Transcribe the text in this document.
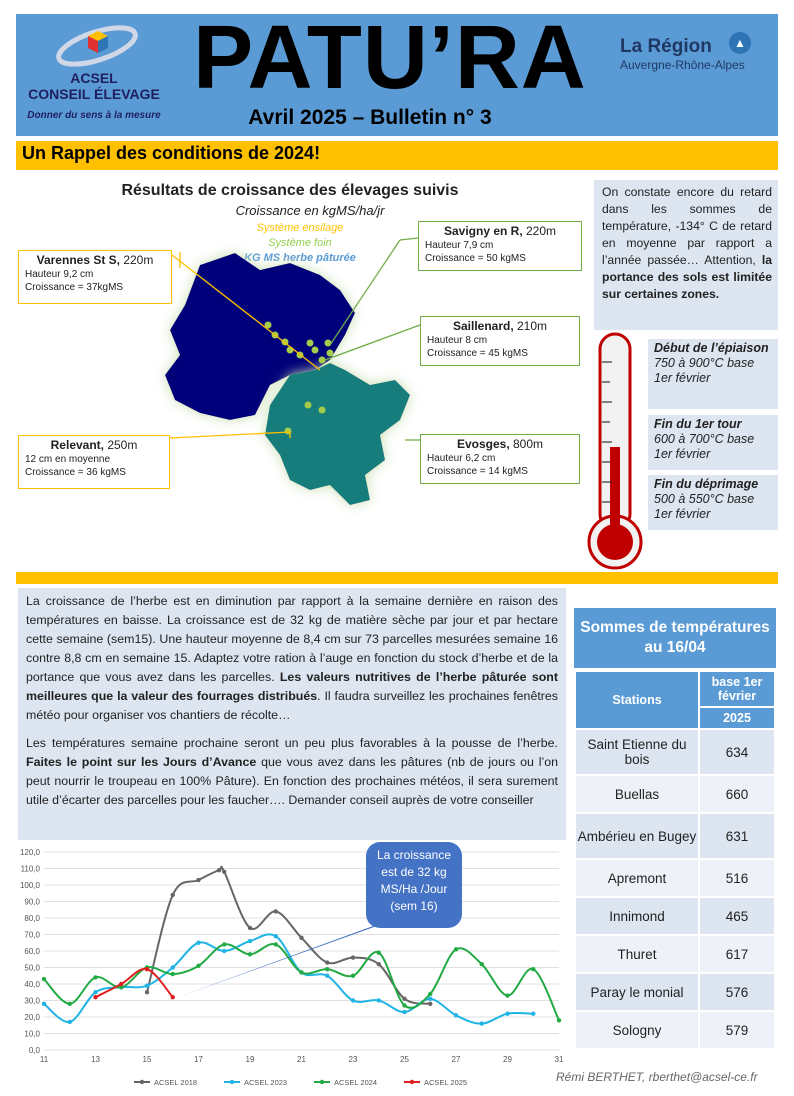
ACSEL
CONSEIL ÉLEVAGE
Donner du sens à la mesure
PATU’RA
Avril 2025 – Bulletin n° 3
La Région	▲
Auvergne-Rhône-Alpes
Un Rappel des conditions de 2024!
Résultats de croissance des élevages suivis
Croissance en kgMS/ha/jr
Système ensilage
Système foin
KG MS herbe pâturée
Varennes St S, 220m
Hauteur 9,2 cm
Croissance = 37kgMS
Relevant, 250m
12 cm en moyenne
Croissance = 36 kgMS
Savigny en R, 220m
Hauteur 7,9 cm
Croissance = 50 kgMS
Saillenard, 210m
Hauteur 8 cm
Croissance = 45 kgMS
Evosges, 800m
Hauteur 6,2 cm
Croissance = 14 kgMS
On constate encore du retard dans les sommes de température, -134° C de retard en moyenne par rapport a l’année passée… Attention, la portance des sols est limitée sur certaines zones.
Début de l’épiaison
750 à 900°C base
1er février
Fin du 1er tour
600 à 700°C base
1er février
Fin du déprimage
500 à 550°C base
1er février

La croissance de l’herbe est en diminution par rapport à la semaine dernière en raison des températures en baisse. La croissance est de 32 kg de matière sèche par jour et par hectare cette semaine (sem15). Une hauteur moyenne de 8,4 cm sur 73 parcelles mesurées semaine 16 contre 8,8 cm en semaine 15. Adaptez votre ration à l’auge en fonction du stock d’herbe et de la portance que vous avez dans les parcelles. Les valeurs nutritives de l’herbe pâturée sont meilleures que la valeur des fourrages distribués. Il faudra surveillez les prochaines fenêtres météo pour organiser vos chantiers de récolte…

Les températures semaine prochaine seront un peu plus favorables à la pousse de l’herbe. Faites le point sur les Jours d’Avance que vous avez dans les pâtures (nb de jours ou l’on peut nourrir le troupeau en 100% Pâture). En fonction des prochaines météos, il sera surement utile d’écarter des parcelles pour les faucher…. Demander conseil auprès de votre conseiller

Sommes de températures au 16/04
Stations	base 1er février
	2025
Saint Etienne du bois	634
Buellas	660
Ambérieu en Bugey	631
Apremont	516
Innimond	465
Thuret	617
Paray le monial	576
Sologny	579
0,0
10,0
20,0
30,0
40,0
50,0
60,0
70,0
80,0
90,0
100,0
110,0
120,0
11	13	15	17	19	21	23	25	27	29	31
ACSEL 2018	ACSEL 2023	ACSEL 2024	ACSEL 2025
La croissance est de 32 kg MS/Ha /Jour (sem 16)
Rémi BERTHET, rberthet@acsel-ce.fr
